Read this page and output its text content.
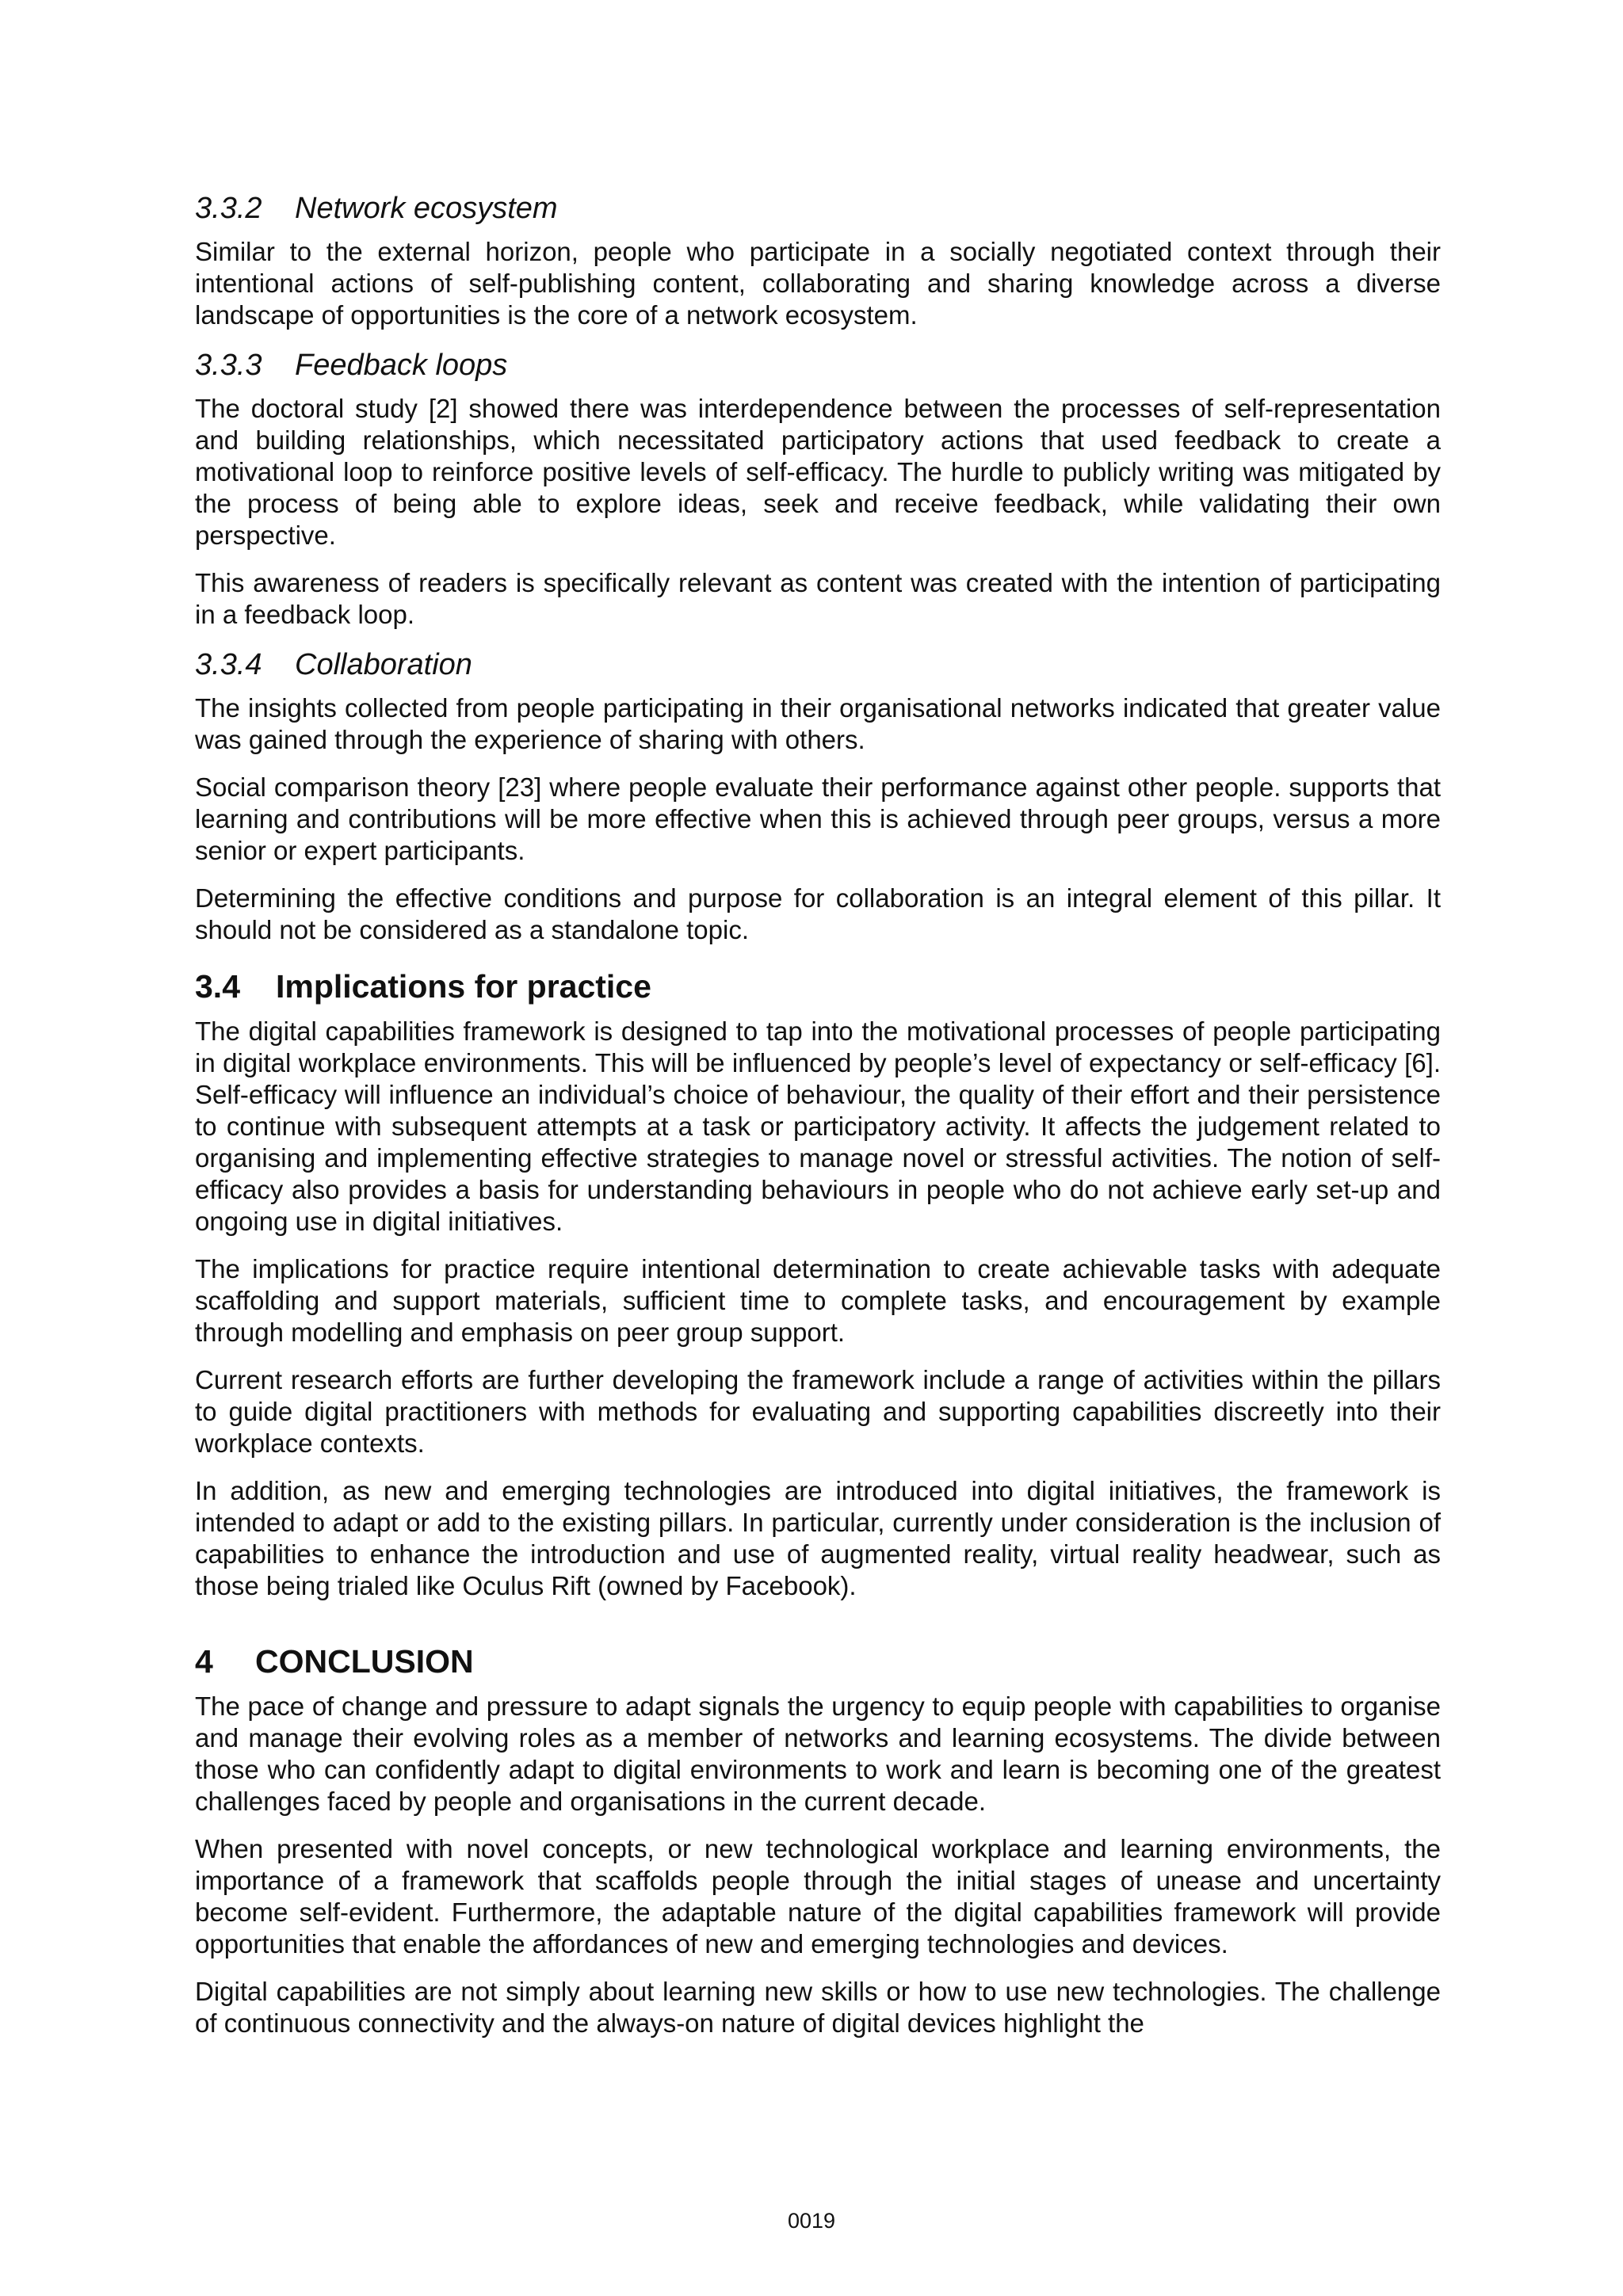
3.3.2 Network ecosystem

Similar to the external horizon, people who participate in a socially negotiated context through their intentional actions of self-publishing content, collaborating and sharing knowledge across a diverse landscape of opportunities is the core of a network ecosystem.

3.3.3 Feedback loops

The doctoral study [2] showed there was interdependence between the processes of self-representation and building relationships, which necessitated participatory actions that used feedback to create a motivational loop to reinforce positive levels of self-efficacy. The hurdle to publicly writing was mitigated by the process of being able to explore ideas, seek and receive feedback, while validating their own perspective.

This awareness of readers is specifically relevant as content was created with the intention of participating in a feedback loop.

3.3.4 Collaboration

The insights collected from people participating in their organisational networks indicated that greater value was gained through the experience of sharing with others.

Social comparison theory [23] where people evaluate their performance against other people. supports that learning and contributions will be more effective when this is achieved through peer groups, versus a more senior or expert participants.

Determining the effective conditions and purpose for collaboration is an integral element of this pillar. It should not be considered as a standalone topic.

3.4 Implications for practice

The digital capabilities framework is designed to tap into the motivational processes of people participating in digital workplace environments. This will be influenced by people’s level of expectancy or self-efficacy [6]. Self-efficacy will influence an individual’s choice of behaviour, the quality of their effort and their persistence to continue with subsequent attempts at a task or participatory activity. It affects the judgement related to organising and implementing effective strategies to manage novel or stressful activities. The notion of self-efficacy also provides a basis for understanding behaviours in people who do not achieve early set-up and ongoing use in digital initiatives.

The implications for practice require intentional determination to create achievable tasks with adequate scaffolding and support materials, sufficient time to complete tasks, and encouragement by example through modelling and emphasis on peer group support.

Current research efforts are further developing the framework include a range of activities within the pillars to guide digital practitioners with methods for evaluating and supporting capabilities discreetly into their workplace contexts.

In addition, as new and emerging technologies are introduced into digital initiatives, the framework is intended to adapt or add to the existing pillars. In particular, currently under consideration is the inclusion of capabilities to enhance the introduction and use of augmented reality, virtual reality headwear, such as those being trialed like Oculus Rift (owned by Facebook).

4 CONCLUSION

The pace of change and pressure to adapt signals the urgency to equip people with capabilities to organise and manage their evolving roles as a member of networks and learning ecosystems. The divide between those who can confidently adapt to digital environments to work and learn is becoming one of the greatest challenges faced by people and organisations in the current decade.

When presented with novel concepts, or new technological workplace and learning environments, the importance of a framework that scaffolds people through the initial stages of unease and uncertainty become self-evident. Furthermore, the adaptable nature of the digital capabilities framework will provide opportunities that enable the affordances of new and emerging technologies and devices.

Digital capabilities are not simply about learning new skills or how to use new technologies. The challenge of continuous connectivity and the always-on nature of digital devices highlight the

0019
